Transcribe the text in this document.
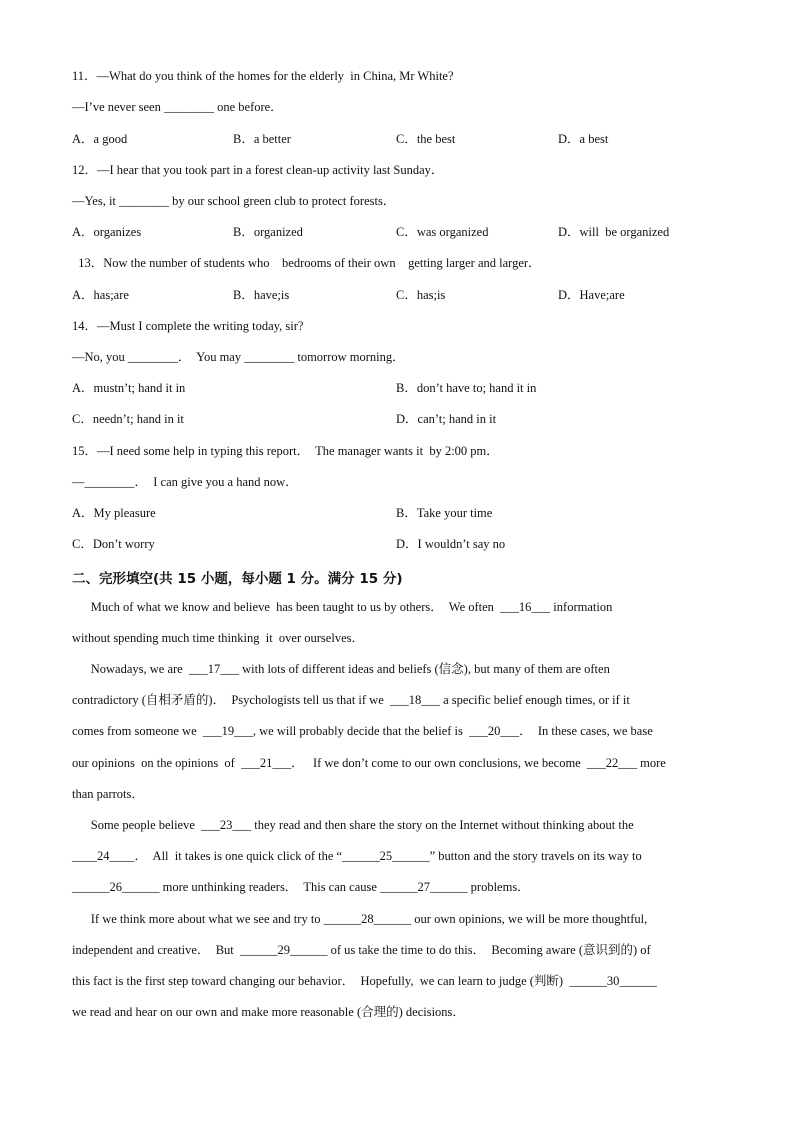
11．—What do you think of the homes for the elderly  in China, Mr White?
—I’ve never seen ________ one before．
A．a good	B．a better	C．the best	D．a best
12．—I hear that you took part in a forest clean-up activity last Sunday．
—Yes, it ________ by our school green club to protect forests．
A．organizes	B．organized	C．was organized	D．will  be organized
13．Now the number of students who    bedrooms of their own    getting larger and larger．
A．has;are	B．have;is	C．has;is	D．Have;are
14．—Must I complete the writing today, sir?
—No, you ________．  You may ________ tomorrow morning．
A．mustn’t; hand it in	B．don’t have to; hand it in
C．needn’t; hand in it	D．can’t; hand in it
15．—I need some help in typing this report．  The manager wants it  by 2:00 pm．
—________．  I can give you a hand now．
A．My pleasure	B．Take your time
C．Don’t worry	D．I wouldn’t say no
二、完形填空(共 15 小题，每小题 1 分。满分 15 分)
Much of what we know and believe  has been taught to us by others．  We often  ___16___ information
without spending much time thinking  it  over ourselves．
Nowadays, we are  ___17___ with lots of different ideas and beliefs (信念), but many of them are often
contradictory (自相矛盾的)．  Psychologists tell us that if we  ___18___ a specific belief enough times, or if it
comes from someone we  ___19___, we will probably decide that the belief is  ___20___．  In these cases, we base
our opinions  on the opinions  of  ___21___．   If we don’t come to our own conclusions, we become  ___22___ more
than parrots．
Some people believe  ___23___ they read and then share the story on the Internet without thinking about the
____24____．  All  it takes is one quick click of the “______25______” button and the story travels on its way to
______26______ more unthinking readers．  This can cause ______27______ problems．
If we think more about what we see and try to ______28______ our own opinions, we will be more thoughtful,
independent and creative．  But  ______29______ of us take the time to do this．  Becoming aware (意识到的) of
this fact is the first step toward changing our behavior．  Hopefully,  we can learn to judge (判断)  ______30______
we read and hear on our own and make more reasonable (合理的) decisions．
